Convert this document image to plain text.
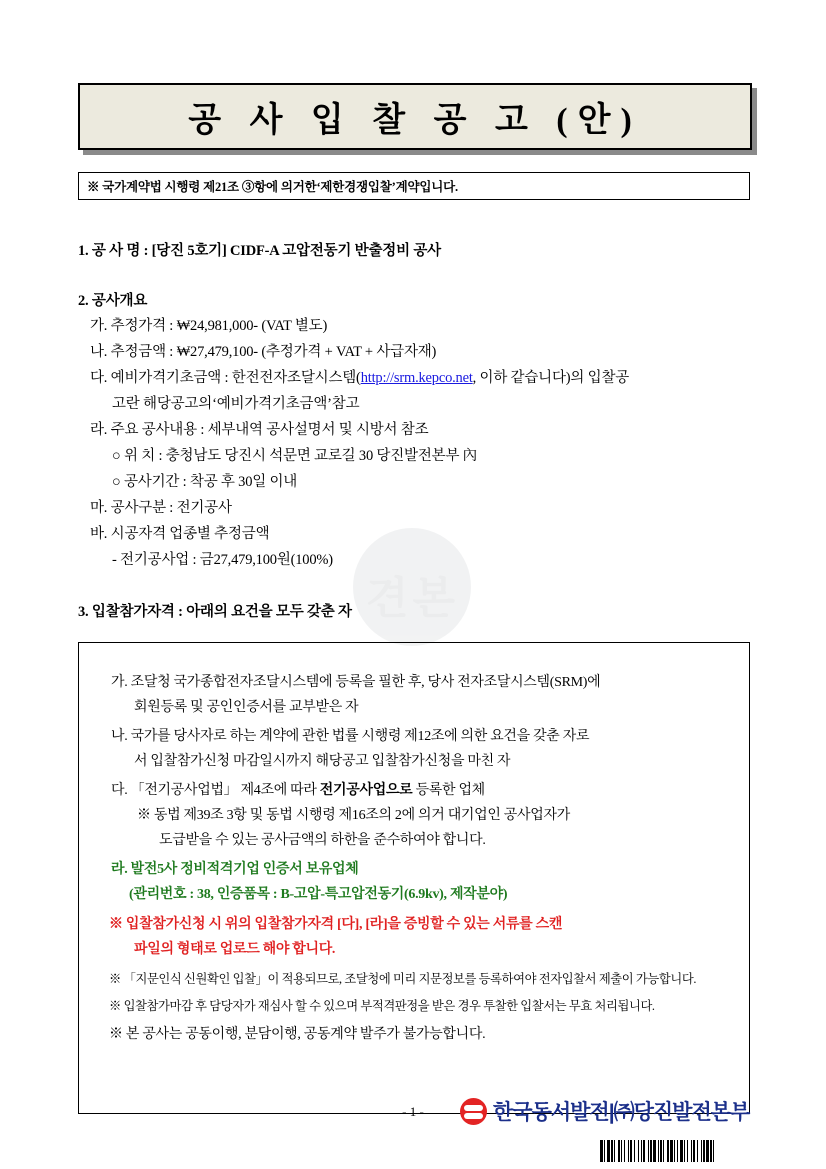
공 사 입 찰 공 고 (안)
※ 국가계약법 시행령 제21조 ③항에 의거한‘제한경쟁입찰’계약입니다.
1. 공 사 명 : [당진 5호기] CIDF-A 고압전동기 반출정비 공사
2. 공사개요
가. 추정가격 : ₩24,981,000- (VAT 별도)
나. 추정금액 : ₩27,479,100- (추정가격 + VAT + 사급자재)
다. 예비가격기초금액 : 한전전자조달시스템(http://srm.kepco.net, 이하 같습니다)의 입찰공
고란 해당공고의‘예비가격기초금액’참고
라. 주요 공사내용 : 세부내역 공사설명서 및 시방서 참조
○ 위 치 : 충청남도 당진시 석문면 교로길 30 당진발전본부 內
○ 공사기간 : 착공 후 30일 이내
마. 공사구분 : 전기공사
바. 시공자격 업종별 추정금액
- 전기공사업 : 금27,479,100원(100%)
견본
3. 입찰참가자격 : 아래의 요건을 모두 갖춘 자
가. 조달청 국가종합전자조달시스템에 등록을 필한 후, 당사 전자조달시스템(SRM)에
회원등록 및 공인인증서를 교부받은 자
나. 국가를 당사자로 하는 계약에 관한 법률 시행령 제12조에 의한 요건을 갖춘 자로
서 입찰참가신청 마감일시까지 해당공고 입찰참가신청을 마친 자
다. 「전기공사업법」 제4조에 따라 전기공사업으로 등록한 업체
※ 동법 제39조 3항 및 동법 시행령 제16조의 2에 의거 대기업인 공사업자가
도급받을 수 있는 공사금액의 하한을 준수하여야 합니다.
라. 발전5사 정비적격기업 인증서 보유업체
(관리번호 : 38, 인증품목 : B-고압-특고압전동기(6.9kv), 제작분야)
※ 입찰참가신청 시 위의 입찰참가자격 [다], [라]을 증빙할 수 있는 서류를 스캔
파일의 형태로 업로드 해야 합니다.
※ 「지문인식 신원확인 입찰」이 적용되므로, 조달청에 미리 지문정보를 등록하여야 전자입찰서 제출이 가능합니다.
※ 입찰참가마감 후 담당자가 재심사 할 수 있으며 부적격판정을 받은 경우 투찰한 입찰서는 무효 처리됩니다.
※ 본 공사는 공동이행, 분담이행, 공동계약 발주가 불가능합니다.
- 1 -	한국동서발전|㈜당진발전본부
